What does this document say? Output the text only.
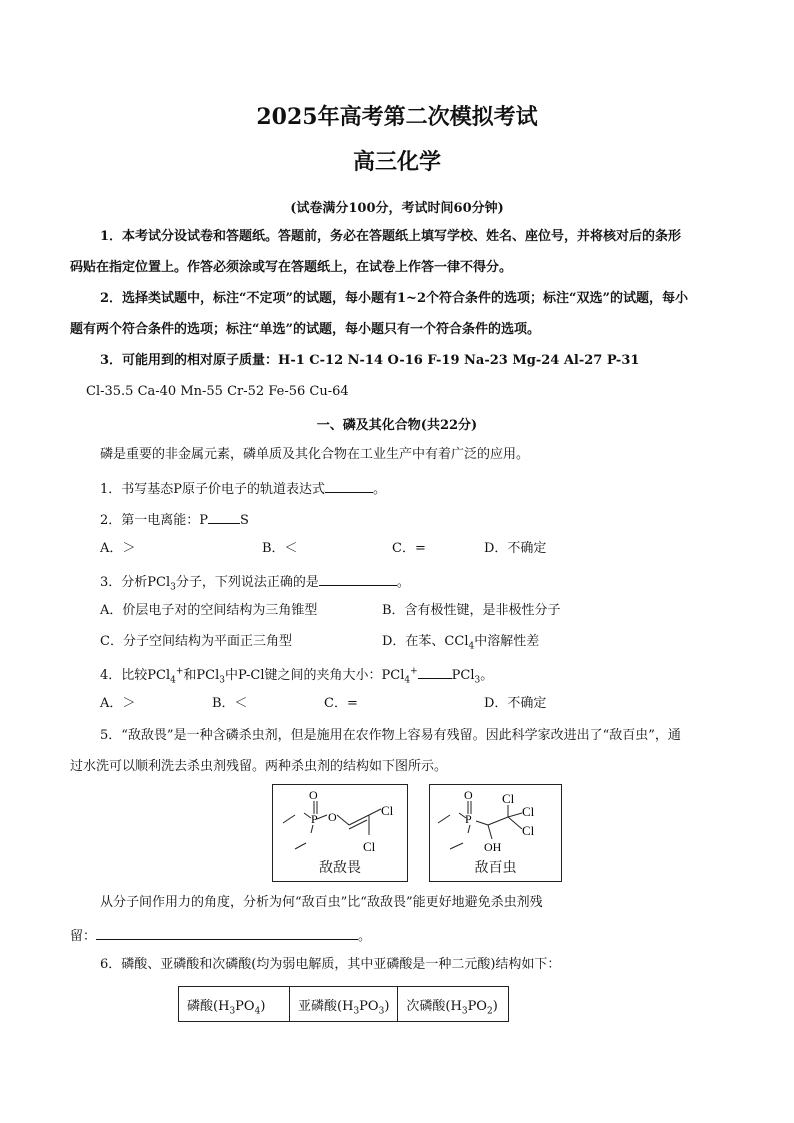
2025年高考第二次模拟考试
高三化学
(试卷满分100分，考试时间60分钟)
1．本考试分设试卷和答题纸。答题前，务必在答题纸上填写学校、姓名、座位号，并将核对后的条形
码贴在指定位置上。作答必须涂或写在答题纸上，在试卷上作答一律不得分。
2．选择类试题中，标注“不定项”的试题，每小题有1~2个符合条件的选项；标注“双选”的试题，每小
题有两个符合条件的选项；标注“单选”的试题，每小题只有一个符合条件的选项。
3．可能用到的相对原子质量：H-1 C-12 N-14 O-16 F-19 Na-23 Mg-24 Al-27 P-31
Cl-35.5 Ca-40 Mn-55 Cr-52 Fe-56 Cu-64
一、磷及其化合物(共22分)
磷是重要的非金属元素，磷单质及其化合物在工业生产中有着广泛的应用。
1．书写基态P原子价电子的轨道表达式	。
2．第一电离能：P S
A．＞	B．＜	C．=	D．不确定
3．分析PCl$_3$分子，下列说法正确的是	。
A．价层电子对的空间结构为三角锥型	B．含有极性键，是非极性分子
C．分子空间结构为平面正三角型	D．在苯、CCl$_4$中溶解性差
4．比较PCl$_4$+和PCl$_3$中P-Cl键之间的夹角大小：PCl$_4$+	PCl$_3$。
A．＞	B．＜	C．=	D．不确定
5．“敌敌畏”是一种含磷杀虫剂，但是施用在农作物上容易有残留。因此科学家改进出了“敌百虫”，通
过水洗可以顺利洗去杀虫剂残留。两种杀虫剂的结构如下图所示。
O
P O	Cl
Cl
敌敌畏
O
P
Cl
Cl
Cl
OH
敌百虫
从分子间作用力的角度，分析为何“敌百虫”比“敌敌畏”能更好地避免杀虫剂残
留：	。
6．磷酸、亚磷酸和次磷酸(均为弱电解质，其中亚磷酸是一种二元酸)结构如下：
磷酸$(H_3PO_4)$	亚磷酸$(H_3PO_3)$	次磷酸$(H_3PO_2)$
